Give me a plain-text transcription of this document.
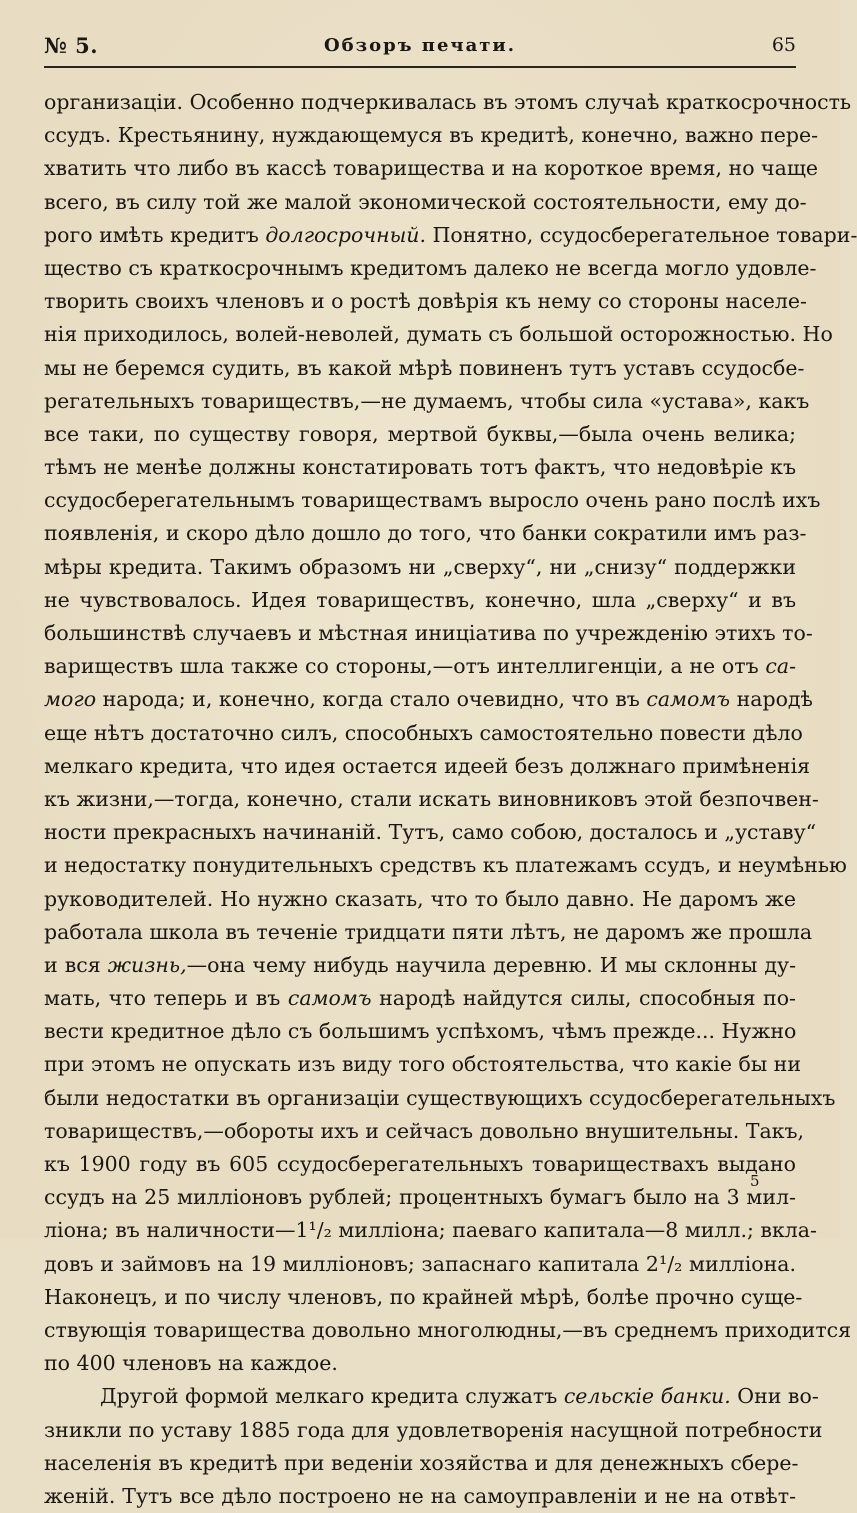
№ 5.	Обзоръ печати.	65
организаціи. Особенно подчеркивалась въ этомъ случаѣ краткосрочность
ссудъ. Крестьянину, нуждающемуся въ кредитѣ, конечно, важно пере-
хватить что либо въ кассѣ товарищества и на короткое время, но чаще
всего, въ силу той же малой экономической состоятельности, ему до-
рого имѣть кредитъ долгосрочный. Понятно, ссудосберегательное товари-
щество съ краткосрочнымъ кредитомъ далеко не всегда могло удовле-
творить своихъ членовъ и о ростѣ довѣрія къ нему со стороны населе-
нія приходилось, волей-неволей, думать съ большой осторожностью. Но
мы не беремся судить, въ какой мѣрѣ повиненъ тутъ уставъ ссудосбе-
регательныхъ товариществъ,—не думаемъ, чтобы сила «устава», какъ
все таки, по существу говоря, мертвой буквы,—была очень велика;
тѣмъ не менѣе должны констатировать тотъ фактъ, что недовѣріе къ
ссудосберегательнымъ товариществамъ выросло очень рано послѣ ихъ
появленія, и скоро дѣло дошло до того, что банки сократили имъ раз-
мѣры кредита. Такимъ образомъ ни „сверху“, ни „снизу“ поддержки
не чувствовалось. Идея товариществъ, конечно, шла „сверху“ и въ
большинствѣ случаевъ и мѣстная иниціатива по учрежденію этихъ то-
вариществъ шла также со стороны,—отъ интеллигенціи, а не отъ са-
мого народа; и, конечно, когда стало очевидно, что въ самомъ народѣ
еще нѣтъ достаточно силъ, способныхъ самостоятельно повести дѣло
мелкаго кредита, что идея остается идеей безъ должнаго примѣненія
къ жизни,—тогда, конечно, стали искать виновниковъ этой безпочвен-
ности прекрасныхъ начинаній. Тутъ, само собою, досталось и „уставу“
и недостатку понудительныхъ средствъ къ платежамъ ссудъ, и неумѣнью
руководителей. Но нужно сказать, что то было давно. Не даромъ же
работала школа въ теченіе тридцати пяти лѣтъ, не даромъ же прошла
и вся жизнь,—она чему нибудь научила деревню. И мы склонны ду-
мать, что теперь и въ самомъ народѣ найдутся силы, способныя по-
вести кредитное дѣло съ большимъ успѣхомъ, чѣмъ прежде... Нужно
при этомъ не опускать изъ виду того обстоятельства, что какіе бы ни
были недостатки въ организаціи существующихъ ссудосберегательныхъ
товариществъ,—обороты ихъ и сейчасъ довольно внушительны. Такъ,
къ 1900 году въ 605 ссудосберегательныхъ товариществахъ выдано
ссудъ на 25 милліоновъ рублей; процентныхъ бумагъ было на 3 мил-
ліона; въ наличности—1¹/₂ милліона; паеваго капитала—8 милл.; вкла-
довъ и займовъ на 19 милліоновъ; запаснаго капитала 2¹/₂ милліона.
Наконецъ, и по числу членовъ, по крайней мѣрѣ, болѣе прочно суще-
ствующія товарищества довольно многолюдны,—въ среднемъ приходится
по 400 членовъ на каждое.
Другой формой мелкаго кредита служатъ сельскіе банки. Они во-
зникли по уставу 1885 года для удовлетворенія насущной потребности
населенія въ кредитѣ при веденіи хозяйства и для денежныхъ сбере-
женій. Тутъ все дѣло построено не на самоуправленіи и не на отвѣт-
5
